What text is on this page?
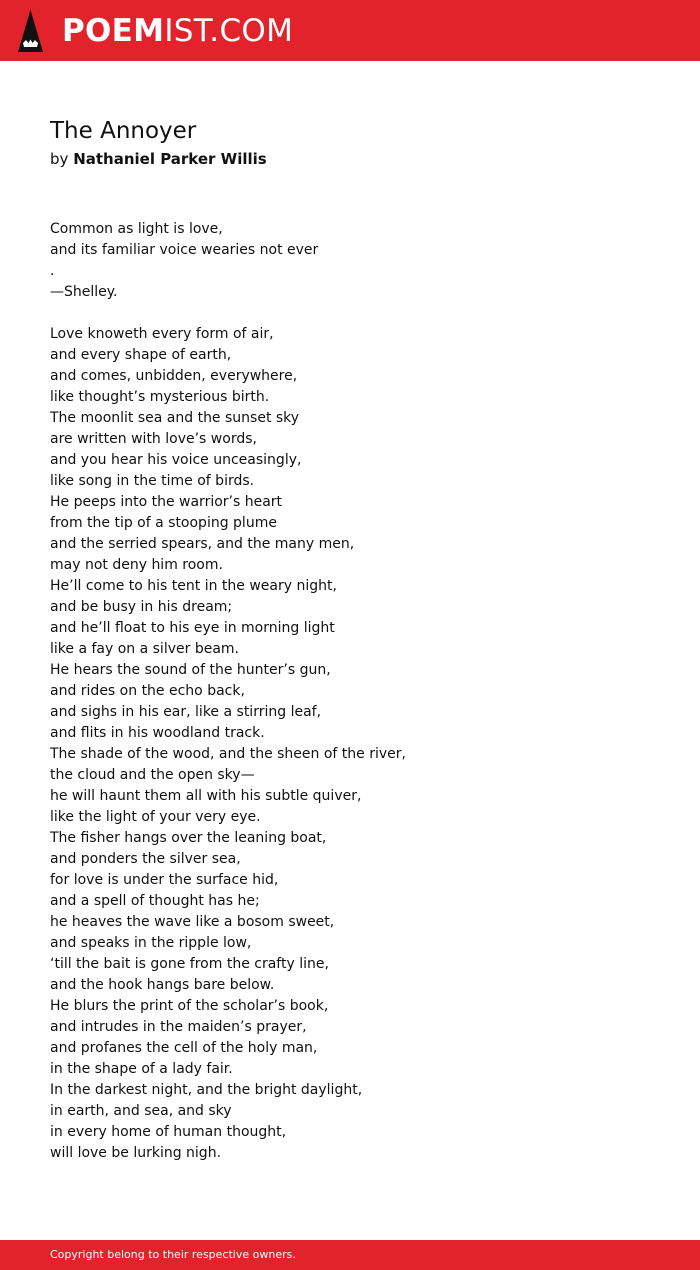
POEMIST.COM
The Annoyer
by Nathaniel Parker Willis
Common as light is love,
and its familiar voice wearies not ever
.
—Shelley.
Love knoweth every form of air,
and every shape of earth,
and comes, unbidden, everywhere,
like thought’s mysterious birth.
The moonlit sea and the sunset sky
are written with love’s words,
and you hear his voice unceasingly,
like song in the time of birds.
He peeps into the warrior’s heart
from the tip of a stooping plume
and the serried spears, and the many men,
may not deny him room.
He’ll come to his tent in the weary night,
and be busy in his dream;
and he’ll float to his eye in morning light
like a fay on a silver beam.
He hears the sound of the hunter’s gun,
and rides on the echo back,
and sighs in his ear, like a stirring leaf,
and flits in his woodland track.
The shade of the wood, and the sheen of the river,
the cloud and the open sky—
he will haunt them all with his subtle quiver,
like the light of your very eye.
The fisher hangs over the leaning boat,
and ponders the silver sea,
for love is under the surface hid,
and a spell of thought has he;
he heaves the wave like a bosom sweet,
and speaks in the ripple low,
‘till the bait is gone from the crafty line,
and the hook hangs bare below.
He blurs the print of the scholar’s book,
and intrudes in the maiden’s prayer,
and profanes the cell of the holy man,
in the shape of a lady fair.
In the darkest night, and the bright daylight,
in earth, and sea, and sky
in every home of human thought,
will love be lurking nigh.
Copyright belong to their respective owners.
